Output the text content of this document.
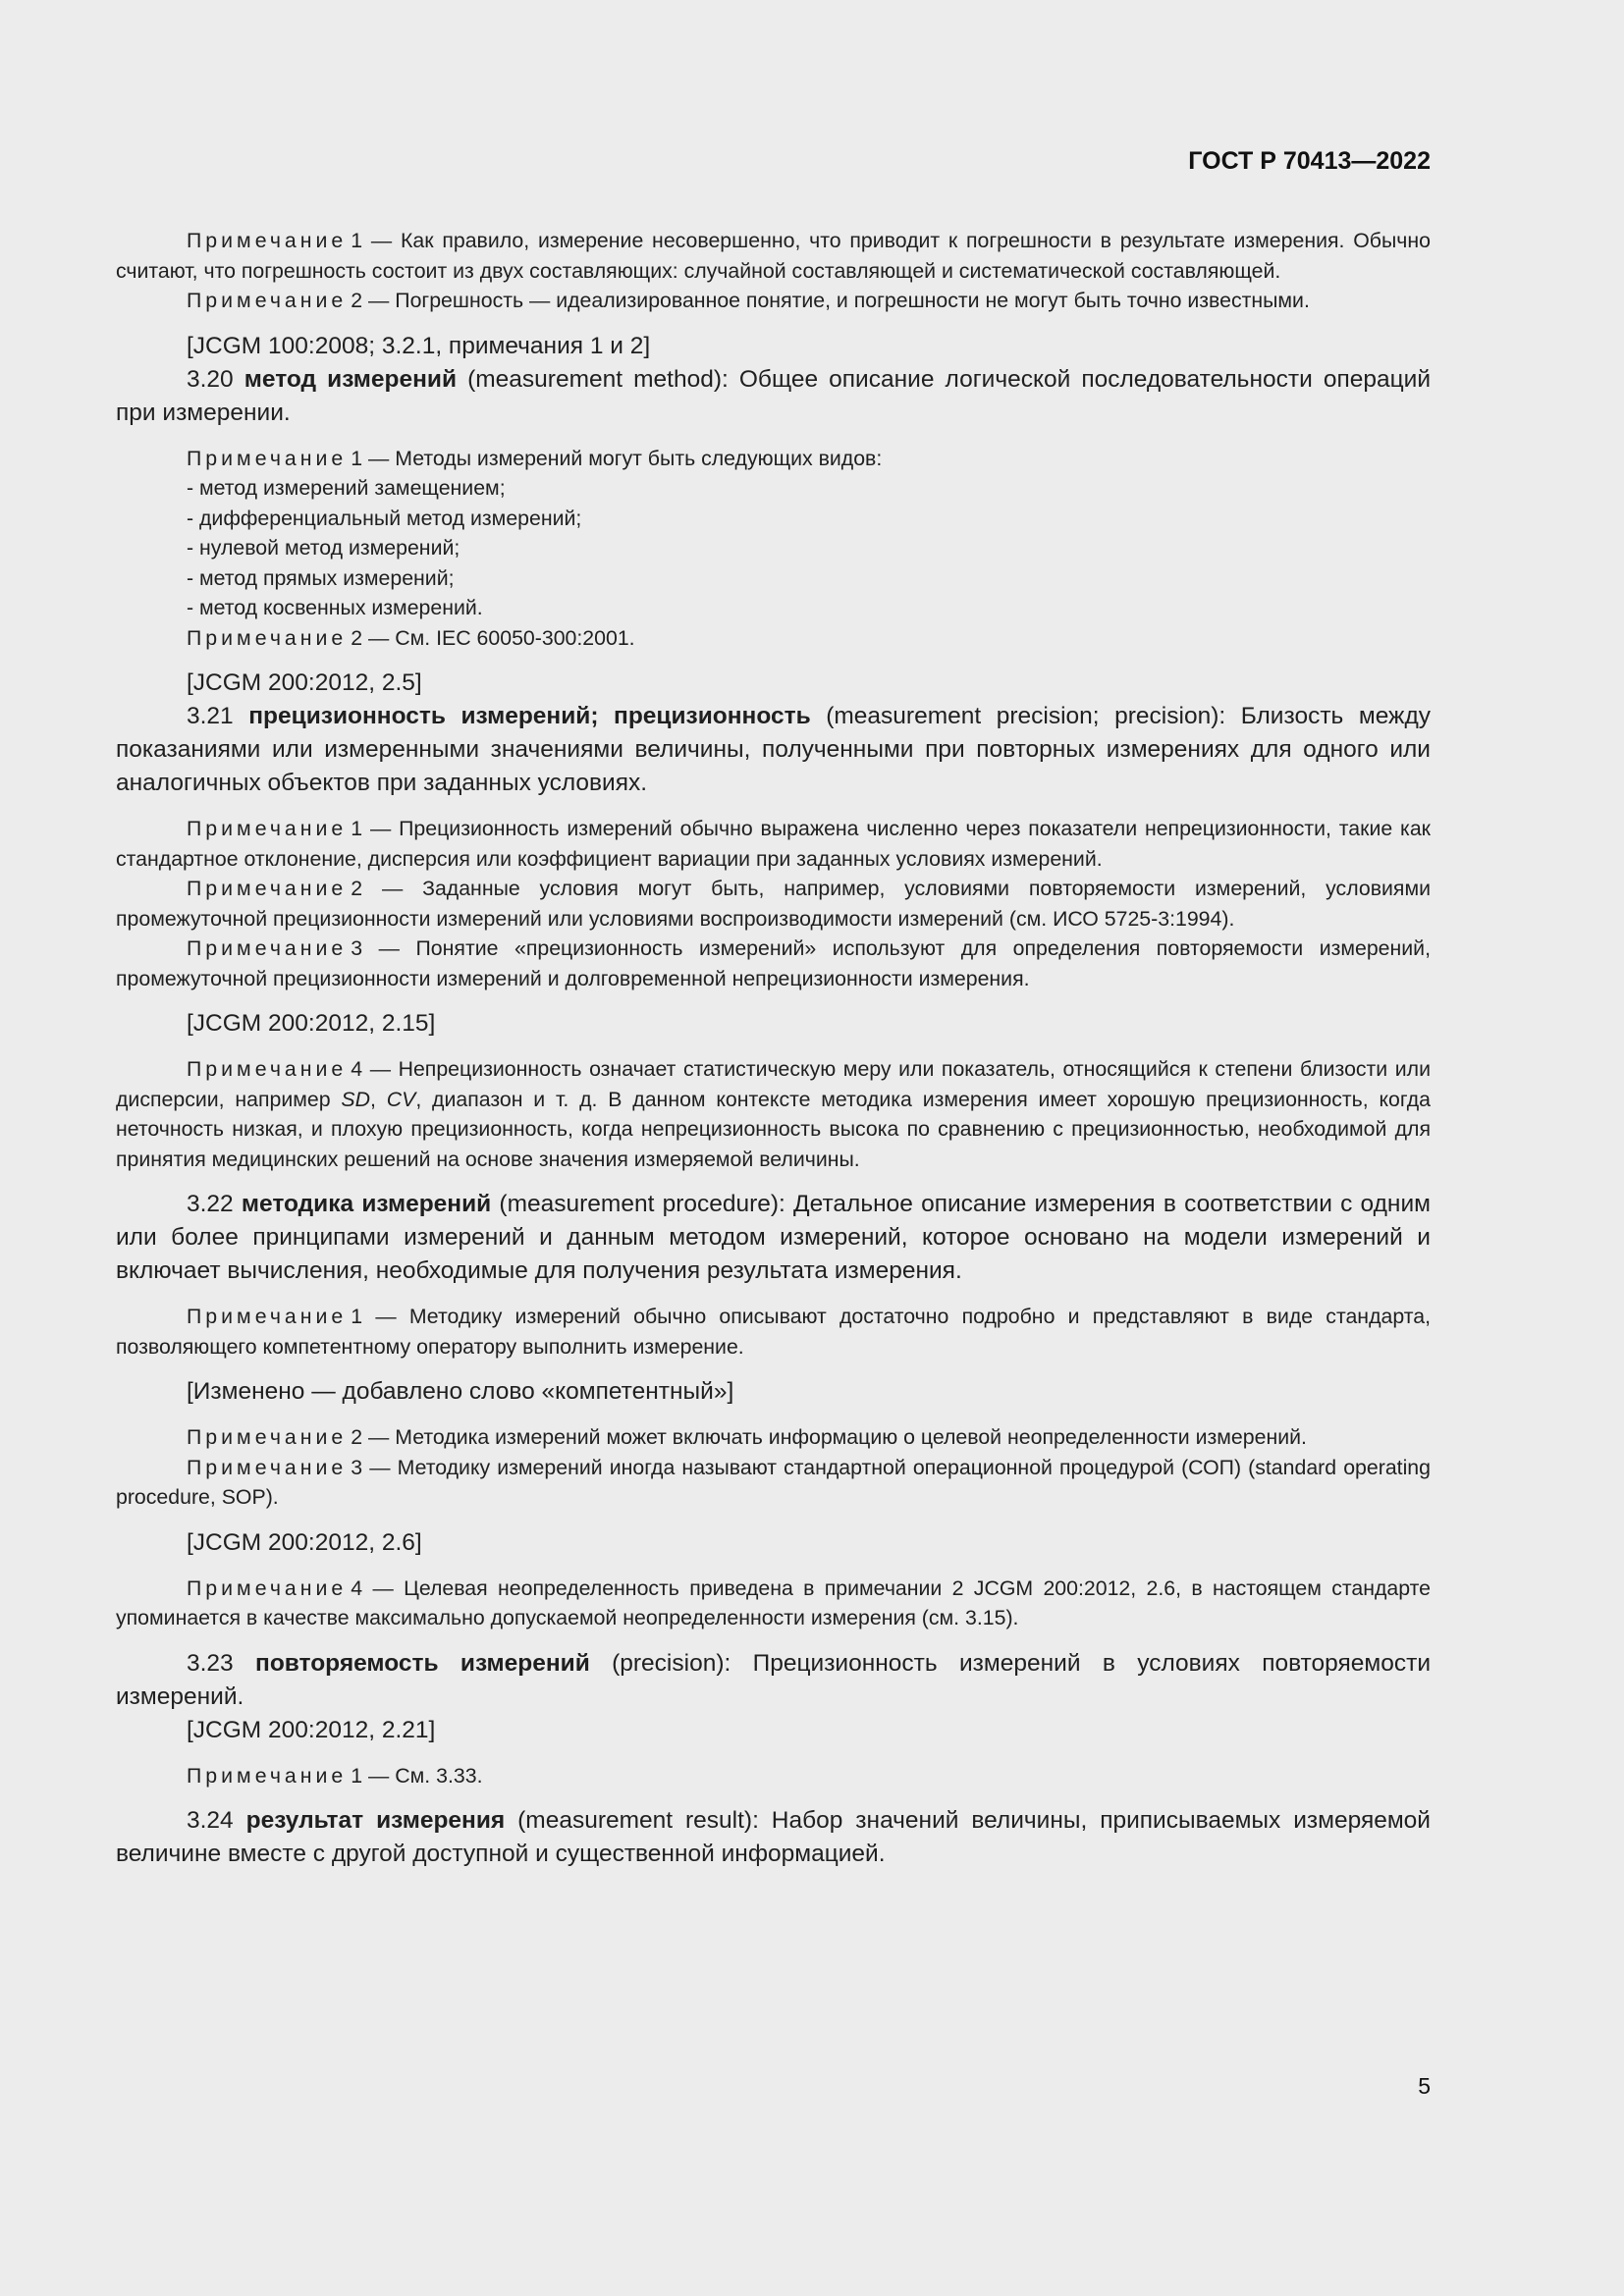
ГОСТ Р 70413—2022

Примечание 1 — Как правило, измерение несовершенно, что приводит к погрешности в результате измерения. Обычно считают, что погрешность состоит из двух составляющих: случайной составляющей и систематической составляющей.

Примечание 2 — Погрешность — идеализированное понятие, и погрешности не могут быть точно известными.

[JCGM 100:2008; 3.2.1, примечания 1 и 2]

3.20 метод измерений (measurement method): Общее описание логической последовательности операций при измерении.

Примечание 1 — Методы измерений могут быть следующих видов:

- метод измерений замещением;

- дифференциальный метод измерений;

- нулевой метод измерений;

- метод прямых измерений;

- метод косвенных измерений.

Примечание 2 — См. IEC 60050-300:2001.

[JCGM 200:2012, 2.5]

3.21 прецизионность измерений; прецизионность (measurement precision; precision): Близость между показаниями или измеренными значениями величины, полученными при повторных измерениях для одного или аналогичных объектов при заданных условиях.

Примечание 1 — Прецизионность измерений обычно выражена численно через показатели непрецизионности, такие как стандартное отклонение, дисперсия или коэффициент вариации при заданных условиях измерений.

Примечание 2 — Заданные условия могут быть, например, условиями повторяемости измерений, условиями промежуточной прецизионности измерений или условиями воспроизводимости измерений (см. ИСО 5725-3:1994).

Примечание 3 — Понятие «прецизионность измерений» используют для определения повторяемости измерений, промежуточной прецизионности измерений и долговременной непрецизионности измерения.

[JCGM 200:2012, 2.15]

Примечание 4 — Непрецизионность означает статистическую меру или показатель, относящийся к степени близости или дисперсии, например SD, CV, диапазон и т. д. В данном контексте методика измерения имеет хорошую прецизионность, когда неточность низкая, и плохую прецизионность, когда непрецизионность высока по сравнению с прецизионностью, необходимой для принятия медицинских решений на основе значения измеряемой величины.

3.22 методика измерений (measurement procedure): Детальное описание измерения в соответствии с одним или более принципами измерений и данным методом измерений, которое основано на модели измерений и включает вычисления, необходимые для получения результата измерения.

Примечание 1 — Методику измерений обычно описывают достаточно подробно и представляют в виде стандарта, позволяющего компетентному оператору выполнить измерение.

[Изменено — добавлено слово «компетентный»]

Примечание 2 — Методика измерений может включать информацию о целевой неопределенности измерений.

Примечание 3 — Методику измерений иногда называют стандартной операционной процедурой (СОП) (standard operating procedure, SOP).

[JCGM 200:2012, 2.6]

Примечание 4 — Целевая неопределенность приведена в примечании 2 JCGM 200:2012, 2.6, в настоящем стандарте упоминается в качестве максимально допускаемой неопределенности измерения (см. 3.15).

3.23 повторяемость измерений (precision): Прецизионность измерений в условиях повторяемости измерений.

[JCGM 200:2012, 2.21]

Примечание 1 — См. 3.33.

3.24 результат измерения (measurement result): Набор значений величины, приписываемых измеряемой величине вместе с другой доступной и существенной информацией.

5
